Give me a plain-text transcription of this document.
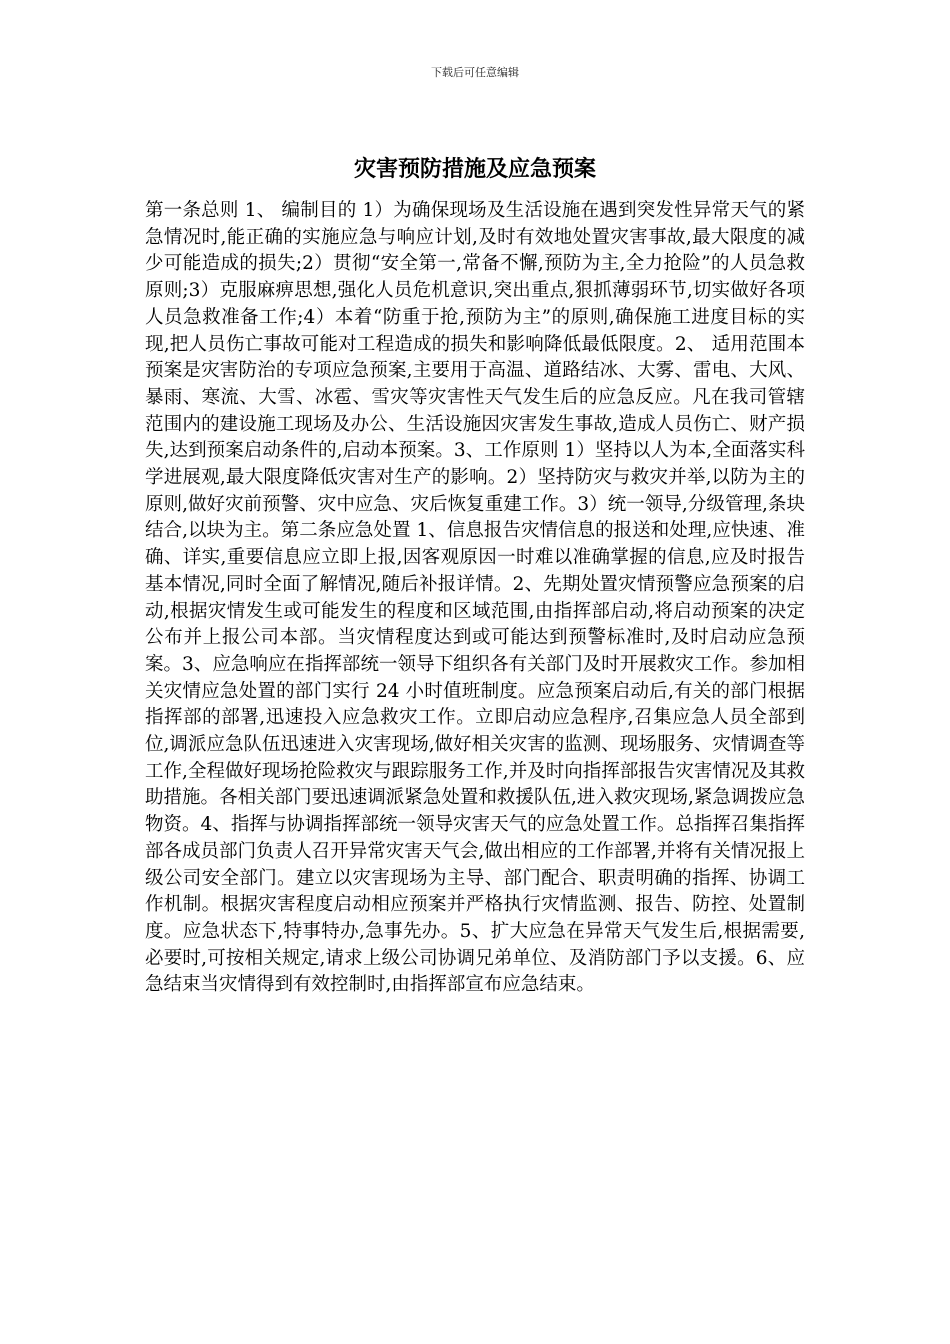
下载后可任意编辑
灾害预防措施及应急预案

第一条总则 1、 编制目的 1）为确保现场及生活设施在遇到突发性异常天气的紧急情况时,能正确的实施应急与响应计划,及时有效地处置灾害事故,最大限度的减少可能造成的损失;2）贯彻“安全第一,常备不懈,预防为主,全力抢险”的人员急救原则;3）克服麻痹思想,强化人员危机意识,突出重点,狠抓薄弱环节,切实做好各项人员急救准备工作;4）本着“防重于抢,预防为主”的原则,确保施工进度目标的实现,把人员伤亡事故可能对工程造成的损失和影响降低最低限度。2、 适用范围本预案是灾害防治的专项应急预案,主要用于高温、道路结冰、大雾、雷电、大风、暴雨、寒流、大雪、冰雹、雪灾等灾害性天气发生后的应急反应。凡在我司管辖范围内的建设施工现场及办公、生活设施因灾害发生事故,造成人员伤亡、财产损失,达到预案启动条件的,启动本预案。3、工作原则 1）坚持以人为本,全面落实科学进展观,最大限度降低灾害对生产的影响。2）坚持防灾与救灾并举,以防为主的原则,做好灾前预警、灾中应急、灾后恢复重建工作。3）统一领导,分级管理,条块结合,以块为主。第二条应急处置 1、信息报告灾情信息的报送和处理,应快速、准确、详实,重要信息应立即上报,因客观原因一时难以准确掌握的信息,应及时报告基本情况,同时全面了解情况,随后补报详情。2、先期处置灾情预警应急预案的启动,根据灾情发生或可能发生的程度和区域范围,由指挥部启动,将启动预案的决定公布并上报公司本部。当灾情程度达到或可能达到预警标准时,及时启动应急预案。3、应急响应在指挥部统一领导下组织各有关部门及时开展救灾工作。参加相关灾情应急处置的部门实行 24 小时值班制度。应急预案启动后,有关的部门根据指挥部的部署,迅速投入应急救灾工作。立即启动应急程序,召集应急人员全部到位,调派应急队伍迅速进入灾害现场,做好相关灾害的监测、现场服务、灾情调查等工作,全程做好现场抢险救灾与跟踪服务工作,并及时向指挥部报告灾害情况及其救助措施。各相关部门要迅速调派紧急处置和救援队伍,进入救灾现场,紧急调拨应急物资。4、指挥与协调指挥部统一领导灾害天气的应急处置工作。总指挥召集指挥部各成员部门负责人召开异常灾害天气会,做出相应的工作部署,并将有关情况报上级公司安全部门。建立以灾害现场为主导、部门配合、职责明确的指挥、协调工作机制。根据灾害程度启动相应预案并严格执行灾情监测、报告、防控、处置制度。应急状态下,特事特办,急事先办。5、扩大应急在异常天气发生后,根据需要,必要时,可按相关规定,请求上级公司协调兄弟单位、及消防部门予以支援。6、应急结束当灾情得到有效控制时,由指挥部宣布应急结束。
